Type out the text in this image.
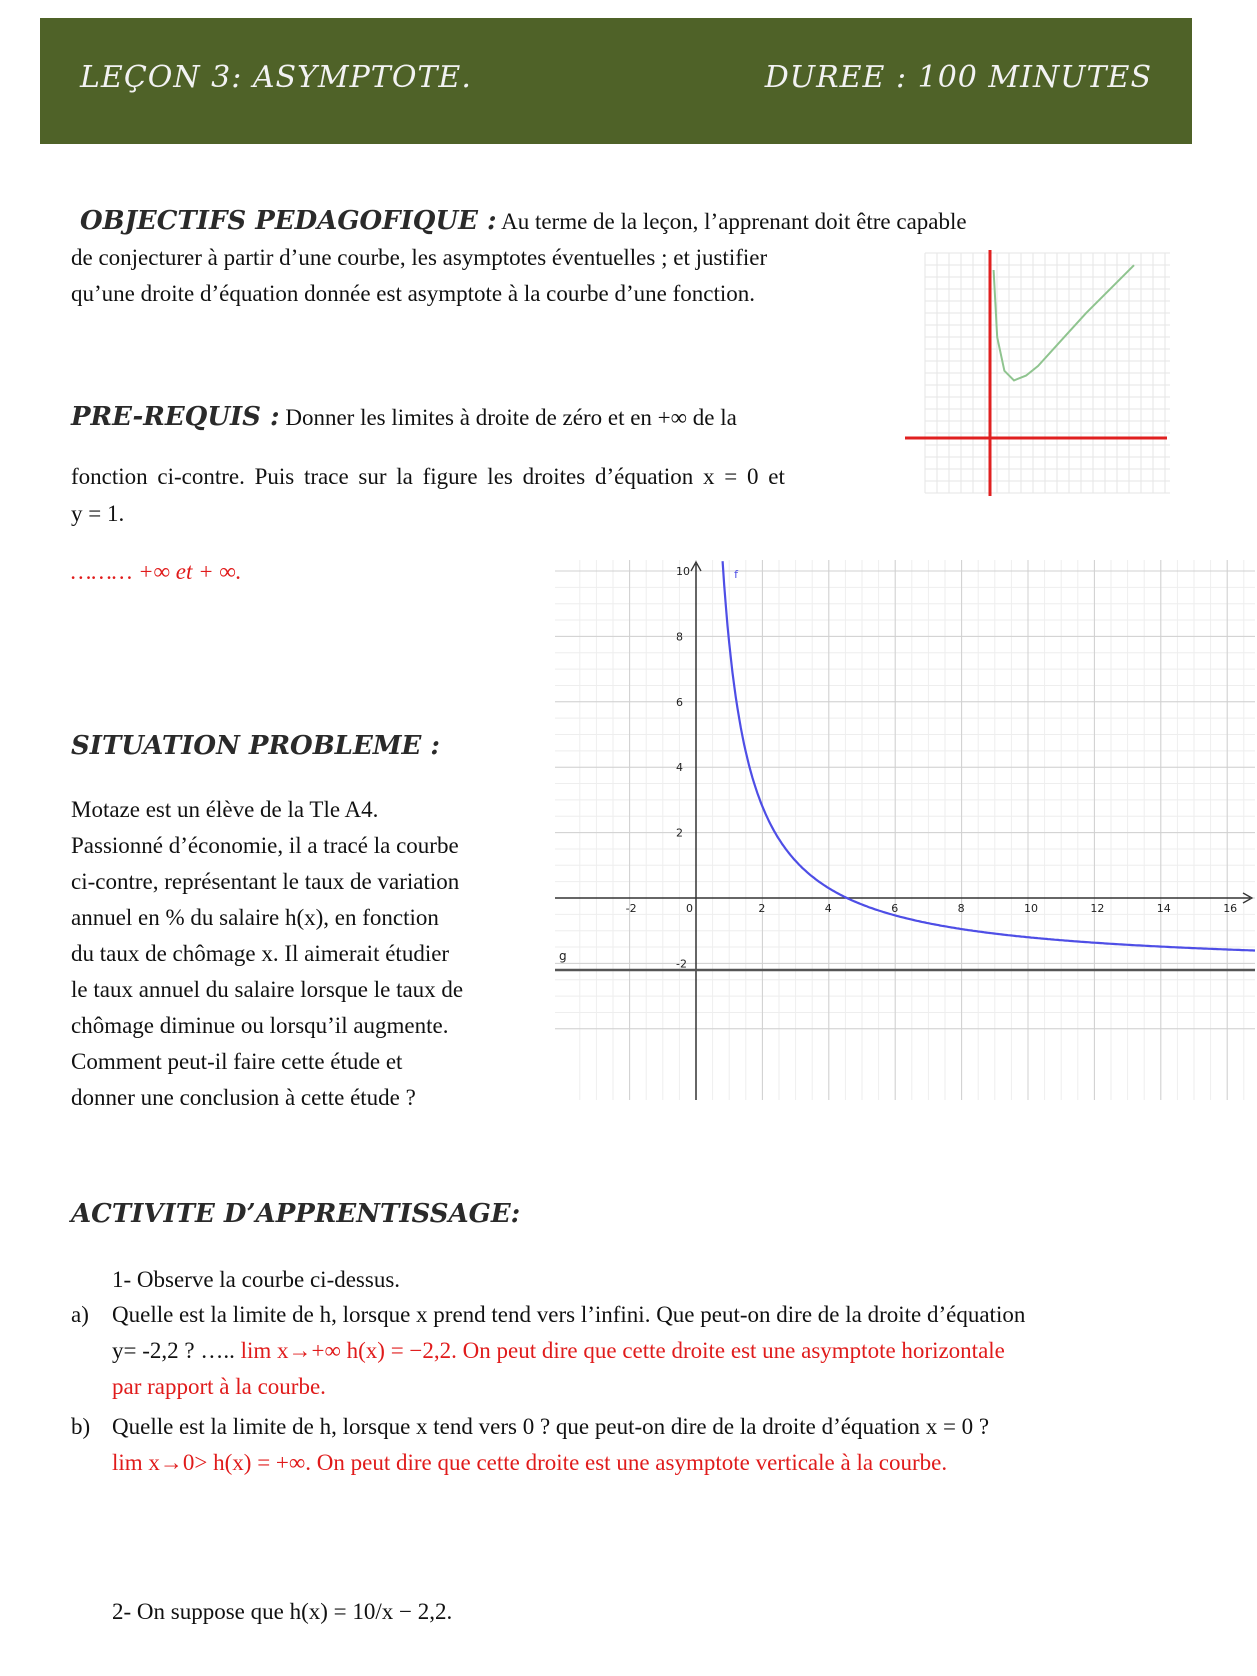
LEÇON 3: ASYMPTOTE.	DUREE : 100 MINUTES
OBJECTIFS PEDAGOFIQUE : Au terme de la leçon, l’apprenant doit être capable
de conjecturer à partir d’une courbe, les asymptotes éventuelles ; et justifier
qu’une droite d’équation donnée est asymptote à la courbe d’une fonction.
PRE-REQUIS : Donner les limites à droite de zéro et en +∞ de la
fonction ci-contre. Puis trace sur la figure les droites d’équation x = 0 et
y = 1.
……… +∞ et + ∞.
-2	0	2	4	6	8	10	12	14	16
10
8
6
4
2
-2
f
g
SITUATION PROBLEME :
Motaze est un élève de la Tle A4.
Passionné d’économie, il a tracé la courbe
ci-contre, représentant le taux de variation
annuel en % du salaire h(x), en fonction
du taux de chômage x. Il aimerait étudier
le taux annuel du salaire lorsque le taux de
chômage diminue ou lorsqu’il augmente.
Comment peut-il faire cette étude et
donner une conclusion à cette étude ?
ACTIVITE D’APPRENTISSAGE:
1- Observe la courbe ci-dessus.
a) Quelle est la limite de h, lorsque x prend tend vers l’infini. Que peut-on dire de la droite d’équation
y= -2,2 ? ….. lim x→+∞ h(x) = −2,2. On peut dire que cette droite est une asymptote horizontale
par rapport à la courbe.
b) Quelle est la limite de h, lorsque x tend vers 0 ? que peut-on dire de la droite d’équation x = 0 ?
lim x→0> h(x) = +∞. On peut dire que cette droite est une asymptote verticale à la courbe.
2- On suppose que h(x) = 10/x − 2,2.
